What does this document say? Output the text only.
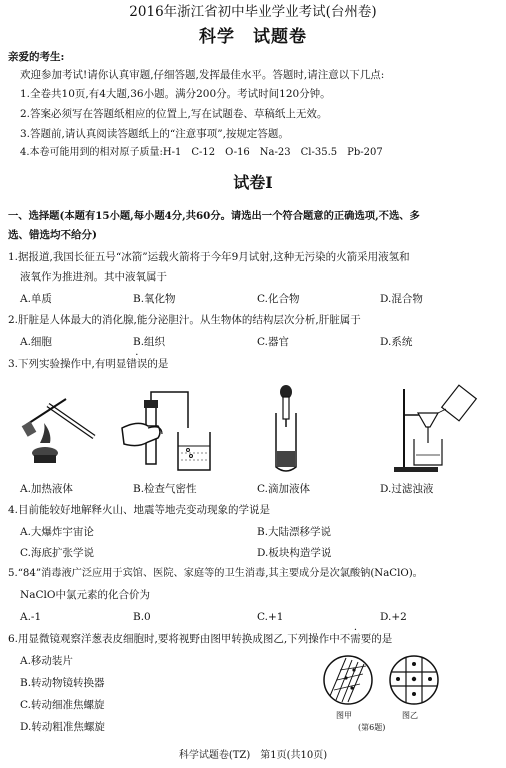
2016年浙江省初中毕业学业考试(台州卷)
科学　试题卷
亲爱的考生:
欢迎参加考试!请你认真审题,仔细答题,发挥最佳水平。答题时,请注意以下几点:
1.全卷共10页,有4大题,36小题。满分200分。考试时间120分钟。
2.答案必须写在答题纸相应的位置上,写在试题卷、草稿纸上无效。
3.答题前,请认真阅读答题纸上的“注意事项”,按规定答题。
4.本卷可能用到的相对原子质量:H-1　C-12　O-16　Na-23　Cl-35.5　Pb-207
试卷Ⅰ
一、选择题(本题有15小题,每小题4分,共60分。请选出一个符合题意的正确选项,不选、多
选、错选均不给分)
1.据报道,我国长征五号“冰箭”运载火箭将于今年9月试射,这种无污染的火箭采用液氢和
液氧作为推进剂。其中液氧属于
A.单质	B.氧化物	C.化合物	D.混合物
2.肝脏是人体最大的消化腺,能分泌胆汁。从生物体的结构层次分析,肝脏属于
A.细胞	B.组织	C.器官	D.系统
3.下列实验操作中,有明显错误的是
A.加热液体	B.检查气密性	C.滴加液体	D.过滤浊液
4.目前能较好地解释火山、地震等地壳变动现象的学说是
A.大爆炸宇宙论	B.大陆漂移学说
C.海底扩张学说	D.板块构造学说
5.“84”消毒液广泛应用于宾馆、医院、家庭等的卫生消毒,其主要成分是次氯酸钠(NaClO)。
NaClO中氯元素的化合价为
A.-1	B.0	C.+1	D.+2
6.用显微镜观察洋葱表皮细胞时,要将视野由图甲转换成图乙,下列操作中不需要的是
A.移动装片
B.转动物镜转换器
C.转动细准焦螺旋
D.转动粗准焦螺旋
图甲	图乙
(第6题)
科学试题卷(TZ)　第1页(共10页)
